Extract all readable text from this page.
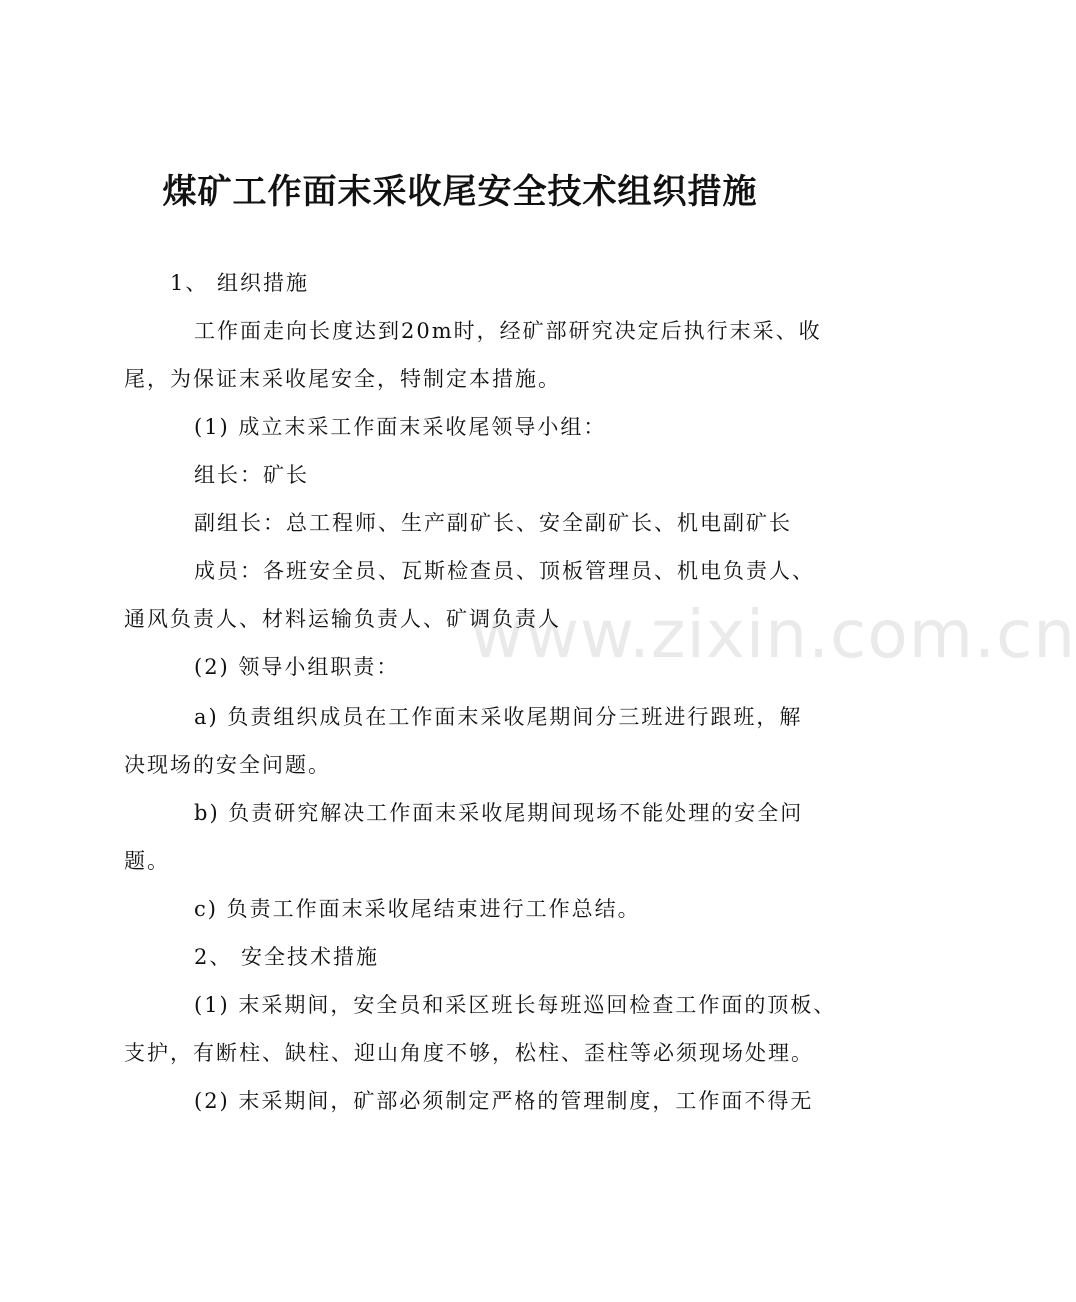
www.zixin.com.cn
煤矿工作面末采收尾安全技术组织措施
1、 组织措施
工作面走向长度达到20m时，经矿部研究决定后执行末采、收
尾，为保证末采收尾安全，特制定本措施。
(1) 成立末采工作面末采收尾领导小组：
组长：矿长
副组长：总工程师、生产副矿长、安全副矿长、机电副矿长
成员：各班安全员、瓦斯检查员、顶板管理员、机电负责人、
通风负责人、材料运输负责人、矿调负责人
(2) 领导小组职责：
a) 负责组织成员在工作面末采收尾期间分三班进行跟班，解
决现场的安全问题。
b) 负责研究解决工作面末采收尾期间现场不能处理的安全问
题。
c) 负责工作面末采收尾结束进行工作总结。
2、 安全技术措施
(1) 末采期间，安全员和采区班长每班巡回检查工作面的顶板、
支护，有断柱、缺柱、迎山角度不够，松柱、歪柱等必须现场处理。
(2) 末采期间，矿部必须制定严格的管理制度，工作面不得无
